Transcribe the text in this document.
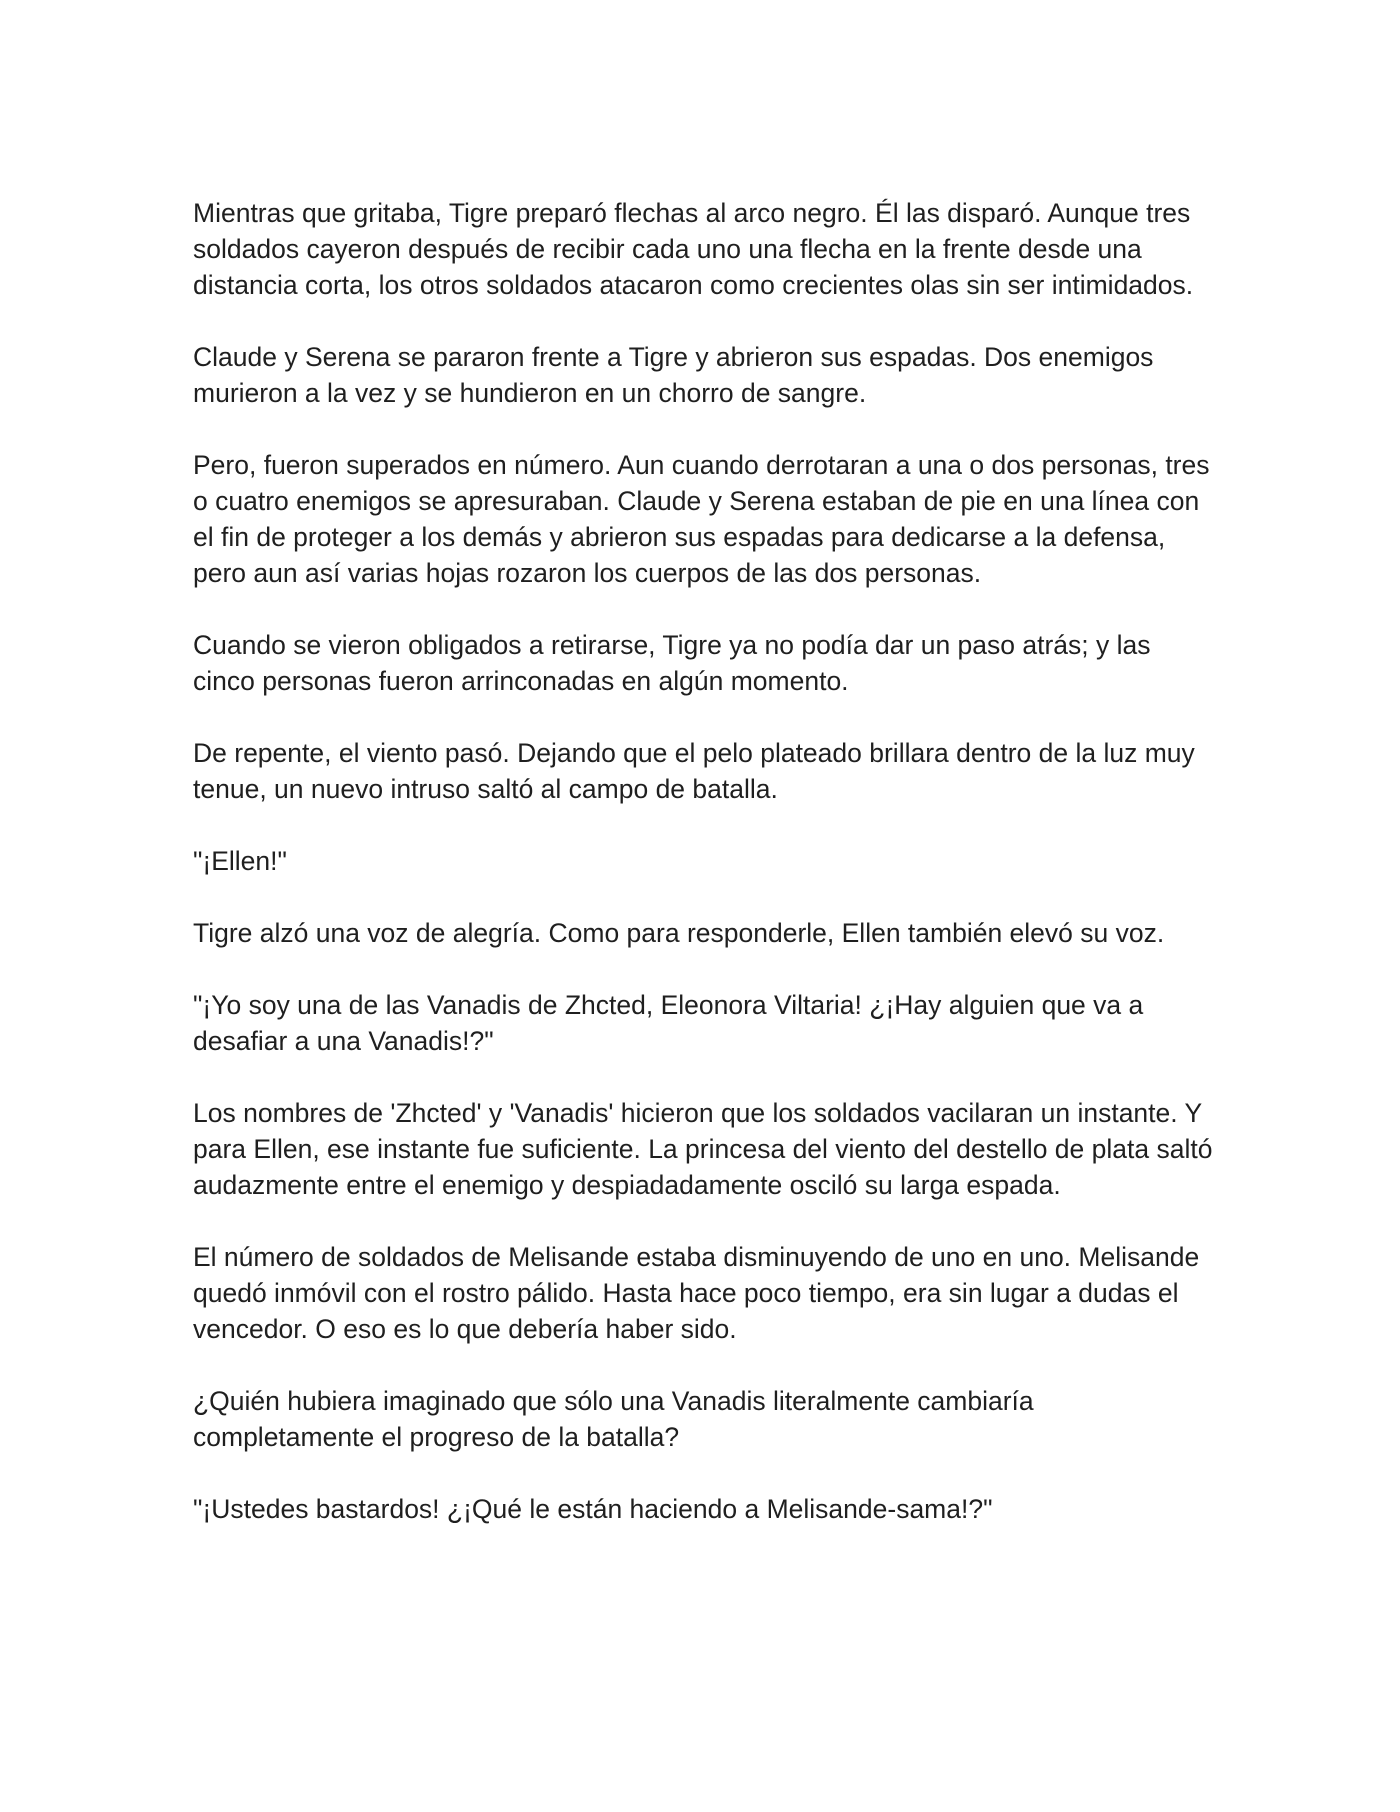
Mientras que gritaba, Tigre preparó flechas al arco negro. Él las disparó. Aunque tres soldados cayeron después de recibir cada uno una flecha en la frente desde una distancia corta, los otros soldados atacaron como crecientes olas sin ser intimidados.

Claude y Serena se pararon frente a Tigre y abrieron sus espadas. Dos enemigos murieron a la vez y se hundieron en un chorro de sangre.

Pero, fueron superados en número. Aun cuando derrotaran a una o dos personas, tres o cuatro enemigos se apresuraban. Claude y Serena estaban de pie en una línea con el fin de proteger a los demás y abrieron sus espadas para dedicarse a la defensa, pero aun así varias hojas rozaron los cuerpos de las dos personas.

Cuando se vieron obligados a retirarse, Tigre ya no podía dar un paso atrás; y las cinco personas fueron arrinconadas en algún momento.

De repente, el viento pasó. Dejando que el pelo plateado brillara dentro de la luz muy tenue, un nuevo intruso saltó al campo de batalla.

"¡Ellen!"

Tigre alzó una voz de alegría. Como para responderle, Ellen también elevó su voz.

"¡Yo soy una de las Vanadis de Zhcted, Eleonora Viltaria! ¿¡Hay alguien que va a desafiar a una Vanadis!?"

Los nombres de 'Zhcted' y 'Vanadis' hicieron que los soldados vacilaran un instante. Y para Ellen, ese instante fue suficiente. La princesa del viento del destello de plata saltó audazmente entre el enemigo y despiadadamente osciló su larga espada.

El número de soldados de Melisande estaba disminuyendo de uno en uno. Melisande quedó inmóvil con el rostro pálido. Hasta hace poco tiempo, era sin lugar a dudas el vencedor. O eso es lo que debería haber sido.

¿Quién hubiera imaginado que sólo una Vanadis literalmente cambiaría completamente el progreso de la batalla?

"¡Ustedes bastardos! ¿¡Qué le están haciendo a Melisande-sama!?"
